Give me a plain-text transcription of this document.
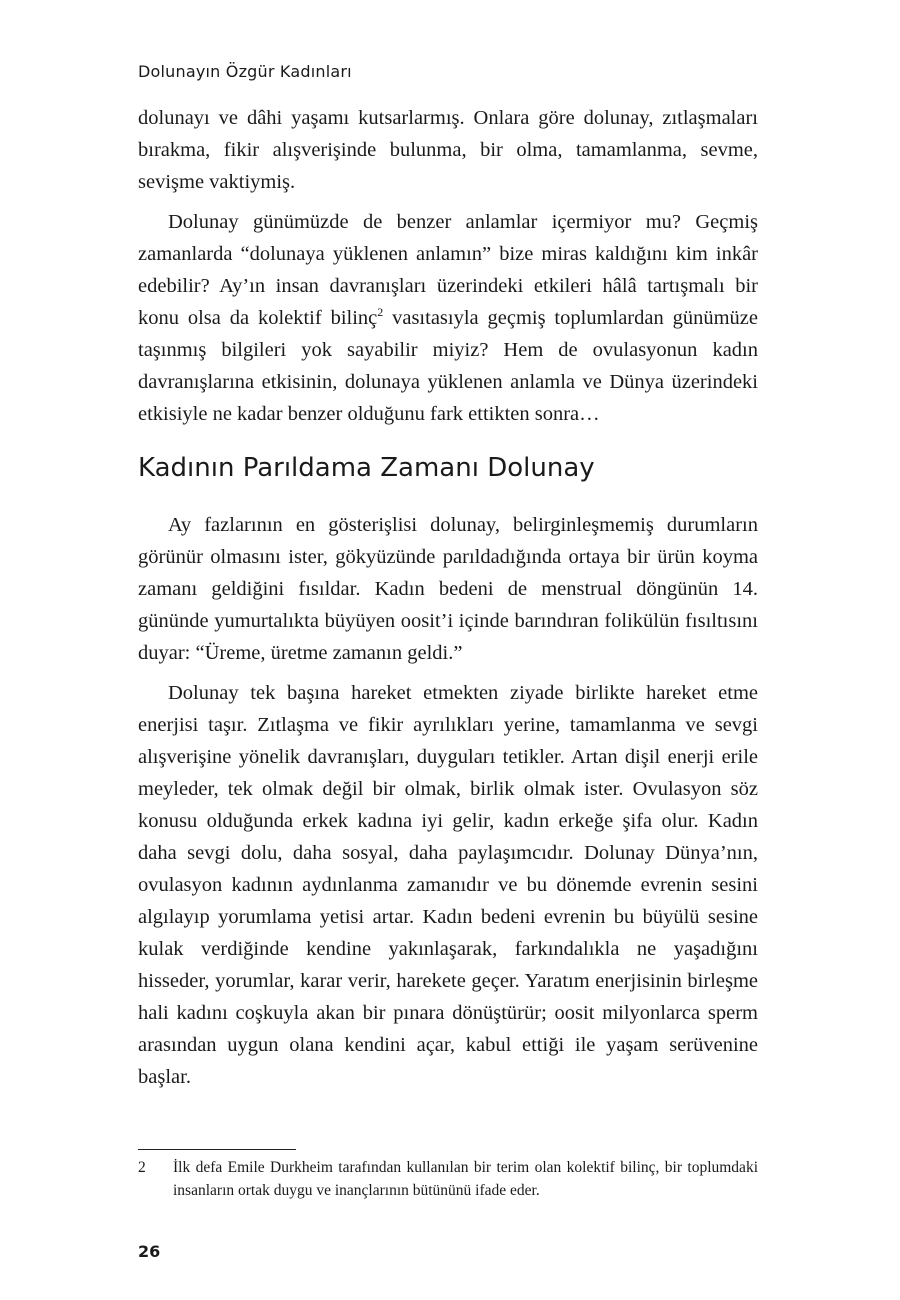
Dolunayın Özgür Kadınları

dolunayı ve dâhi yaşamı kutsarlarmış. Onlara göre dolunay, zıtlaşmaları bırakma, fikir alışverişinde bulunma, bir olma, tamamlanma, sevme, sevişme vaktiymiş.

Dolunay günümüzde de benzer anlamlar içermiyor mu? Geçmiş zamanlarda “dolunaya yüklenen anlamın” bize miras kaldığını kim inkâr edebilir? Ay’ın insan davranışları üzerindeki etkileri hâlâ tartışmalı bir konu olsa da kolektif bilinç$^2$ vasıtasıyla geçmiş toplumlardan günümüze taşınmış bilgileri yok sayabilir miyiz? Hem de ovulasyonun kadın davranışlarına etkisinin, dolunaya yüklenen anlamla ve Dünya üzerindeki etkisiyle ne kadar benzer olduğunu fark ettikten sonra…

Kadının Parıldama Zamanı Dolunay

Ay fazlarının en gösterişlisi dolunay, belirginleşmemiş durumların görünür olmasını ister, gökyüzünde parıldadığında ortaya bir ürün koyma zamanı geldiğini fısıldar. Kadın bedeni de menstrual döngünün 14. gününde yumurtalıkta büyüyen oosit’i içinde barındıran folikülün fısıltısını duyar: “Üreme, üretme zamanın geldi.”

Dolunay tek başına hareket etmekten ziyade birlikte hareket etme enerjisi taşır. Zıtlaşma ve fikir ayrılıkları yerine, tamamlanma ve sevgi alışverişine yönelik davranışları, duyguları tetikler. Artan dişil enerji erile meyleder, tek olmak değil bir olmak, birlik olmak ister. Ovulasyon söz konusu olduğunda erkek kadına iyi gelir, kadın erkeğe şifa olur. Kadın daha sevgi dolu, daha sosyal, daha paylaşımcıdır. Dolunay Dünya’nın, ovulasyon kadının aydınlanma zamanıdır ve bu dönemde evrenin sesini algılayıp yorumlama yetisi artar. Kadın bedeni evrenin bu büyülü sesine kulak verdiğinde kendine yakınlaşarak, farkındalıkla ne yaşadığını hisseder, yorumlar, karar verir, harekete geçer. Yaratım enerjisinin birleşme hali kadını coşkuyla akan bir pınara dönüştürür; oosit milyonlarca sperm arasından uygun olana kendini açar, kabul ettiği ile yaşam serüvenine başlar.

2	İlk defa Emile Durkheim tarafından kullanılan bir terim olan kolektif bilinç, bir toplumdaki insanların ortak duygu ve inançlarının bütününü ifade eder.
26
